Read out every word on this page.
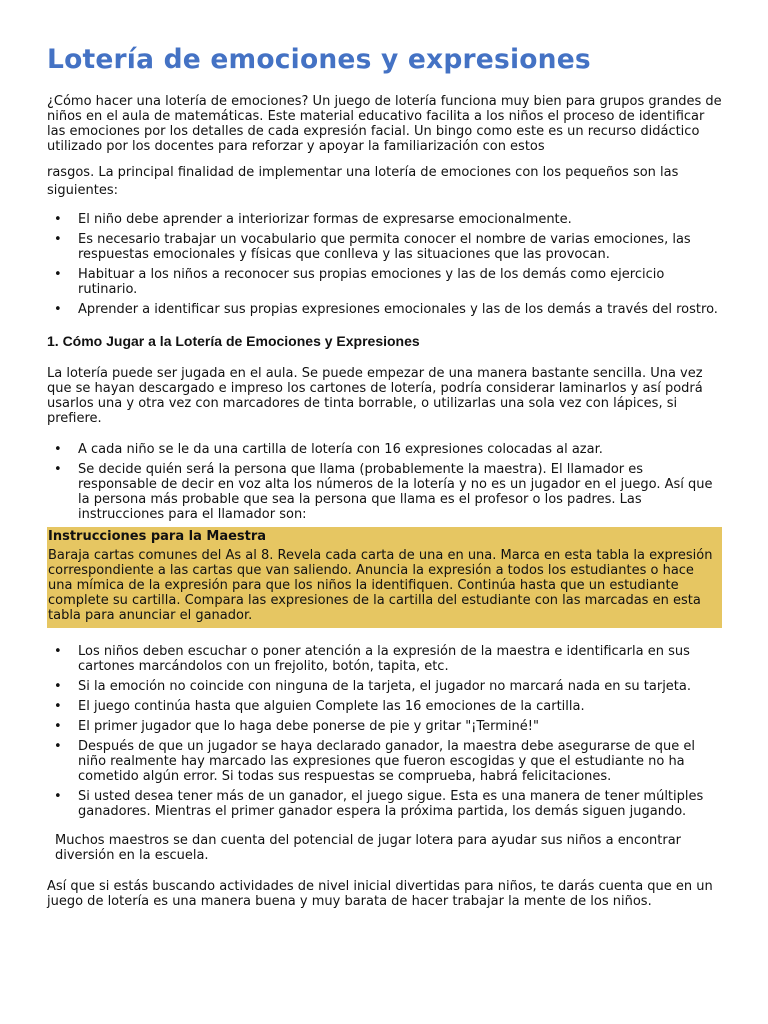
Lotería de emociones y expresiones

¿Cómo hacer una lotería de emociones? Un juego de lotería funciona muy bien para grupos grandes de niños en el aula de matemáticas. Este material educativo facilita a los niños el proceso de identificar las emociones por los detalles de cada expresión facial. Un bingo como este es un recurso didáctico utilizado por los docentes para reforzar y apoyar la familiarización con estos

rasgos. La principal finalidad de implementar una lotería de emociones con los pequeños son las siguientes:

• El niño debe aprender a interiorizar formas de expresarse emocionalmente.
• Es necesario trabajar un vocabulario que permita conocer el nombre de varias emociones, las respuestas emocionales y físicas que conlleva y las situaciones que las provocan.
• Habituar a los niños a reconocer sus propias emociones y las de los demás como ejercicio rutinario.
• Aprender a identificar sus propias expresiones emocionales y las de los demás a través del rostro.
1. Cómo Jugar a la Lotería de Emociones y Expresiones

La lotería puede ser jugada en el aula. Se puede empezar de una manera bastante sencilla. Una vez que se hayan descargado e impreso los cartones de lotería, podría considerar laminarlos y así podrá usarlos una y otra vez con marcadores de tinta borrable, o utilizarlas una sola vez con lápices, si prefiere.

• A cada niño se le da una cartilla de lotería con 16 expresiones colocadas al azar.
• Se decide quién será la persona que llama (probablemente la maestra). El llamador es responsable de decir en voz alta los números de la lotería y no es un jugador en el juego. Así que la persona más probable que sea la persona que llama es el profesor o los padres. Las instrucciones para el llamador son:

Instrucciones para la Maestra

Baraja cartas comunes del As al 8. Revela cada carta de una en una. Marca en esta tabla la expresión correspondiente a las cartas que van saliendo. Anuncia la expresión a todos los estudiantes o hace una mímica de la expresión para que los niños la identifiquen. Continúa hasta que un estudiante complete su cartilla. Compara las expresiones de la cartilla del estudiante con las marcadas en esta tabla para anunciar el ganador.

• Los niños deben escuchar o poner atención a la expresión de la maestra e identificarla en sus cartones marcándolos con un frejolito, botón, tapita, etc.
• Si la emoción no coincide con ninguna de la tarjeta, el jugador no marcará nada en su tarjeta.
• El juego continúa hasta que alguien Complete las 16 emociones de la cartilla.
• El primer jugador que lo haga debe ponerse de pie y gritar "¡Terminé!"
• Después de que un jugador se haya declarado ganador, la maestra debe asegurarse de que el niño realmente hay marcado las expresiones que fueron escogidas y que el estudiante no ha cometido algún error. Si todas sus respuestas se comprueba, habrá felicitaciones.
• Si usted desea tener más de un ganador, el juego sigue. Esta es una manera de tener múltiples ganadores. Mientras el primer ganador espera la próxima partida, los demás siguen jugando.

Muchos maestros se dan cuenta del potencial de jugar lotera para ayudar sus niños a encontrar diversión en la escuela.

Así que si estás buscando actividades de nivel inicial divertidas para niños, te darás cuenta que en un juego de lotería es una manera buena y muy barata de hacer trabajar la mente de los niños.
